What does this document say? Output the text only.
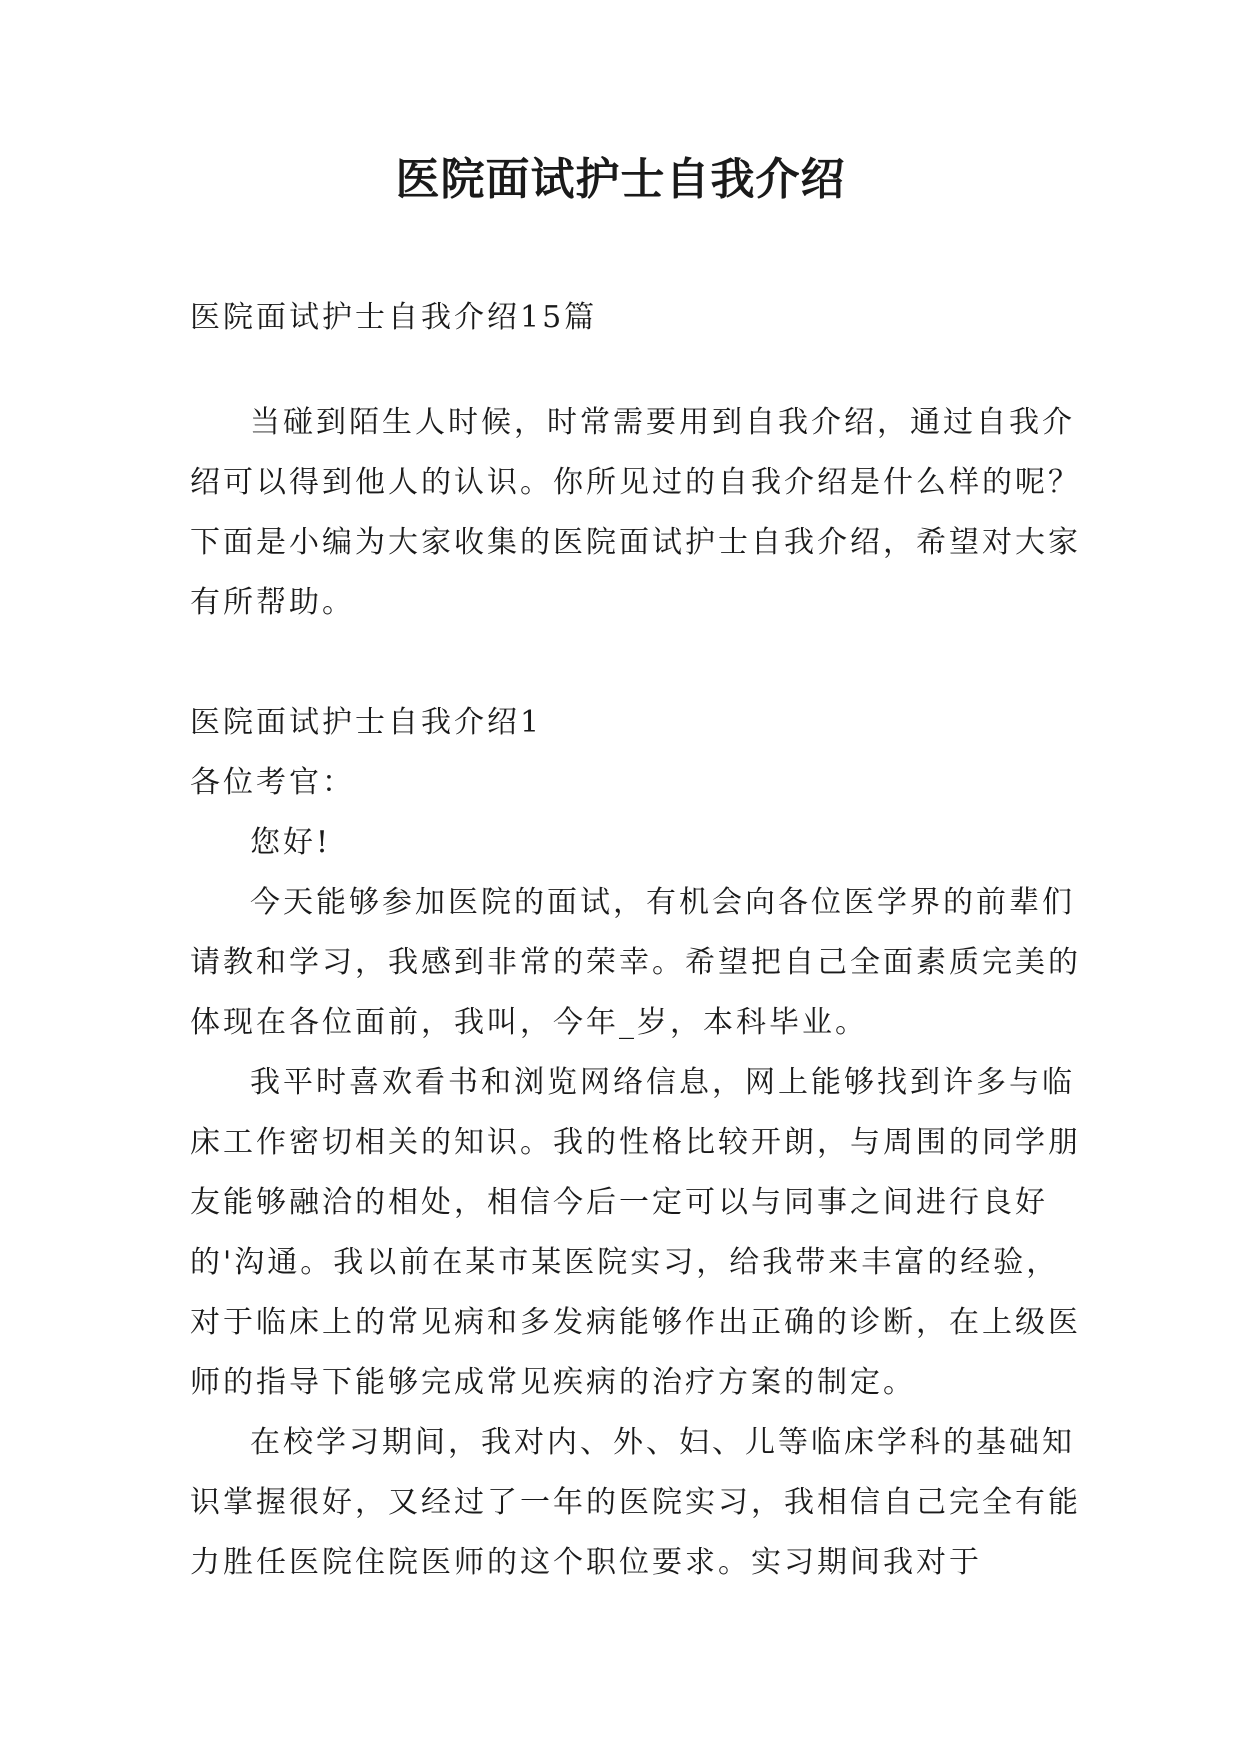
医院面试护士自我介绍

医院面试护士自我介绍15篇

当碰到陌生人时候，时常需要用到自我介绍，通过自我介绍可以得到他人的认识。你所见过的自我介绍是什么样的呢？下面是小编为大家收集的医院面试护士自我介绍，希望对大家有所帮助。

医院面试护士自我介绍1

各位考官：

您好!

今天能够参加医院的面试，有机会向各位医学界的前辈们请教和学习，我感到非常的荣幸。希望把自己全面素质完美的体现在各位面前，我叫，今年_岁，本科毕业。

我平时喜欢看书和浏览网络信息，网上能够找到许多与临床工作密切相关的知识。我的性格比较开朗，与周围的同学朋友能够融洽的相处，相信今后一定可以与同事之间进行良好的'沟通。我以前在某市某医院实习，给我带来丰富的经验，对于临床上的常见病和多发病能够作出正确的诊断，在上级医师的指导下能够完成常见疾病的治疗方案的制定。

在校学习期间，我对内、外、妇、儿等临床学科的基础知识掌握很好，又经过了一年的医院实习，我相信自己完全有能力胜任医院住院医师的这个职位要求。实习期间我对于
